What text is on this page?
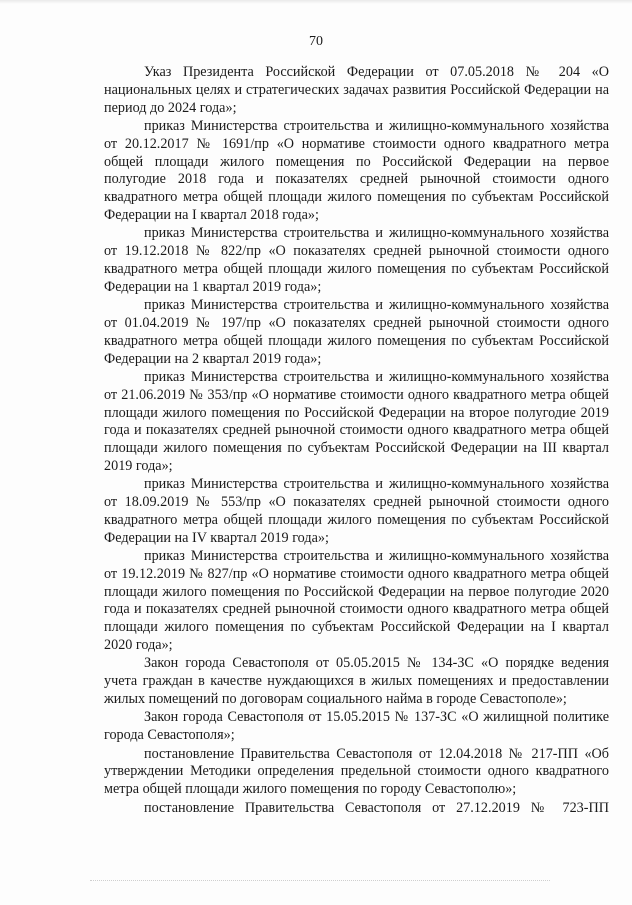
70

Указ Президента Российской Федерации от 07.05.2018 № 204 «О национальных целях и стратегических задачах развития Российской Федерации на период до 2024 года»;

приказ Министерства строительства и жилищно-коммунального хозяйства от 20.12.2017 № 1691/пр «О нормативе стоимости одного квадратного метра общей площади жилого помещения по Российской Федерации на первое полугодие 2018 года и показателях средней рыночной стоимости одного квадратного метра общей площади жилого помещения по субъектам Российской Федерации на I квартал 2018 года»;

приказ Министерства строительства и жилищно-коммунального хозяйства от 19.12.2018 № 822/пр «О показателях средней рыночной стоимости одного квадратного метра общей площади жилого помещения по субъектам Российской Федерации на 1 квартал 2019 года»;

приказ Министерства строительства и жилищно-коммунального хозяйства от 01.04.2019 № 197/пр «О показателях средней рыночной стоимости одного квадратного метра общей площади жилого помещения по субъектам Российской Федерации на 2 квартал 2019 года»;

приказ Министерства строительства и жилищно-коммунального хозяйства от 21.06.2019 № 353/пр «О нормативе стоимости одного квадратного метра общей площади жилого помещения по Российской Федерации на второе полугодие 2019 года и показателях средней рыночной стоимости одного квадратного метра общей площади жилого помещения по субъектам Российской Федерации на III квартал 2019 года»;

приказ Министерства строительства и жилищно-коммунального хозяйства от 18.09.2019 № 553/пр «О показателях средней рыночной стоимости одного квадратного метра общей площади жилого помещения по субъектам Российской Федерации на IV квартал 2019 года»;

приказ Министерства строительства и жилищно-коммунального хозяйства от 19.12.2019 № 827/пр «О нормативе стоимости одного квадратного метра общей площади жилого помещения по Российской Федерации на первое полугодие 2020 года и показателях средней рыночной стоимости одного квадратного метра общей площади жилого помещения по субъектам Российской Федерации на I квартал 2020 года»;

Закон города Севастополя от 05.05.2015 № 134-ЗС «О порядке ведения учета граждан в качестве нуждающихся в жилых помещениях и предоставлении жилых помещений по договорам социального найма в городе Севастополе»;

Закон города Севастополя от 15.05.2015 № 137-ЗС «О жилищной политике города Севастополя»;

постановление Правительства Севастополя от 12.04.2018 № 217-ПП «Об утверждении Методики определения предельной стоимости одного квадратного метра общей площади жилого помещения по городу Севастополю»;

постановление Правительства Севастополя от 27.12.2019 № 723-ПП
